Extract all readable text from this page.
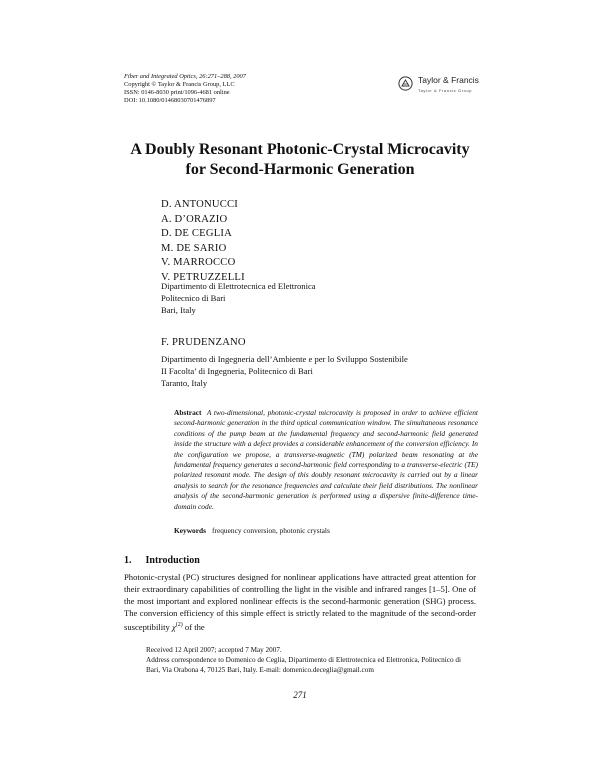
Fiber and Integrated Optics, 26:271–288, 2007
Copyright © Taylor & Francis Group, LLC
ISSN: 0146-8030 print/1096-4681 online
DOI: 10.1080/01468030701476897
Taylor & Francis
Taylor & Francis Group
A Doubly Resonant Photonic-Crystal Microcavity
for Second-Harmonic Generation
D. ANTONUCCI
A. D’ORAZIO
D. DE CEGLIA
M. DE SARIO
V. MARROCCO
V. PETRUZZELLI
Dipartimento di Elettrotecnica ed Elettronica
Politecnico di Bari
Bari, Italy
F. PRUDENZANO
Dipartimento di Ingegneria dell’Ambiente e per lo Sviluppo Sostenibile
II Facolta’ di Ingegneria, Politecnico di Bari
Taranto, Italy
Abstract A two-dimensional, photonic-crystal microcavity is proposed in order to achieve efficient second-harmonic generation in the third optical communication window. The simultaneous resonance conditions of the pump beam at the fundamental frequency and second-harmonic field generated inside the structure with a defect provides a considerable enhancement of the conversion efficiency. In the configuration we propose, a transverse-magnetic (TM) polarized beam resonating at the fundamental frequency generates a second-harmonic field corresponding to a transverse-electric (TE) polarized resonant mode. The design of this doubly resonant microcavity is carried out by a linear analysis to search for the resonance frequencies and calculate their field distributions. The nonlinear analysis of the second-harmonic generation is performed using a dispersive finite-difference time-domain code.
Keywords frequency conversion, photonic crystals
1. Introduction
Photonic-crystal (PC) structures designed for nonlinear applications have attracted great attention for their extraordinary capabilities of controlling the light in the visible and infrared ranges [1–5]. One of the most important and explored nonlinear effects is the second-harmonic generation (SHG) process. The conversion efficiency of this simple effect is strictly related to the magnitude of the second-order susceptibility $\chi^{(2)}$ of the
Received 12 April 2007; accepted 7 May 2007.
Address correspondence to Domenico de Ceglia, Dipartimento di Elettrotecnica ed Elettronica, Politecnico di Bari, Via Orabona 4, 70125 Bari, Italy. E-mail: domenico.deceglia@gmail.com
271
